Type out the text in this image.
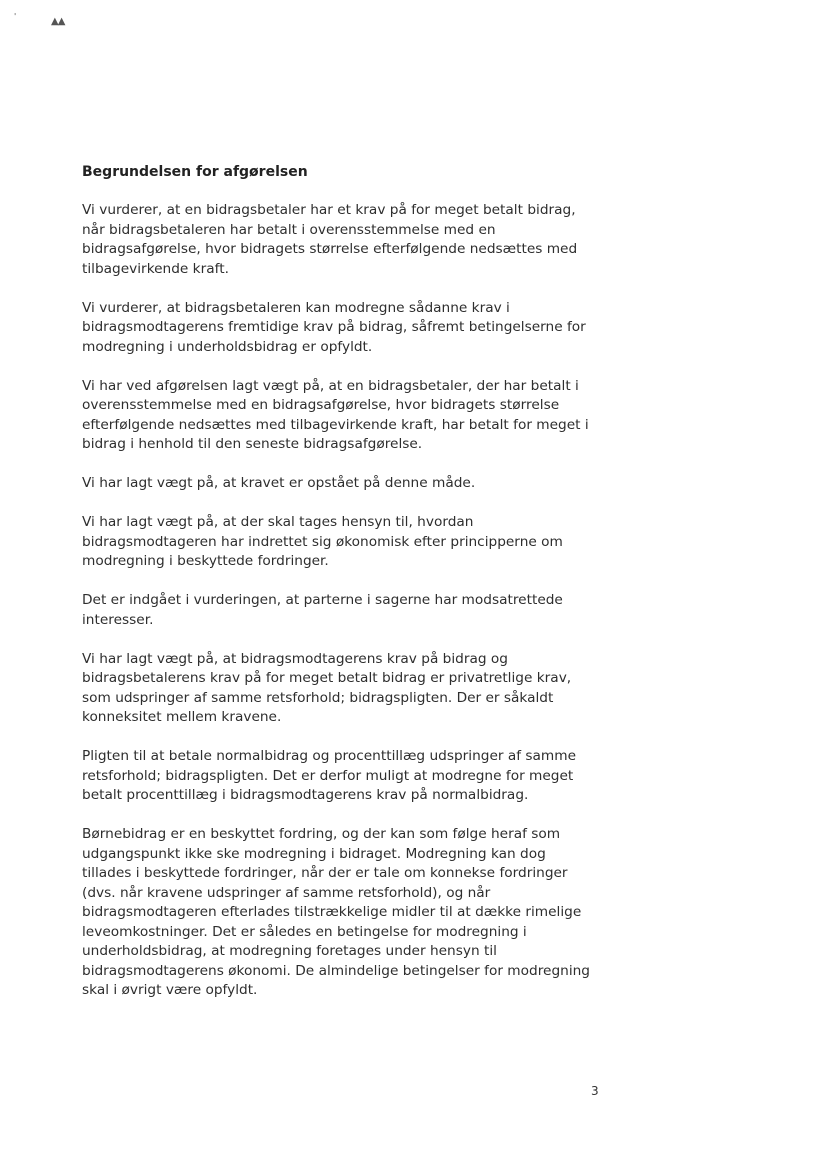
'	▲▲
Begrundelsen for afgørelsen
Vi vurderer, at en bidragsbetaler har et krav på for meget betalt bidrag,
når bidragsbetaleren har betalt i overensstemmelse med en
bidragsafgørelse, hvor bidragets størrelse efterfølgende nedsættes med
tilbagevirkende kraft.
Vi vurderer, at bidragsbetaleren kan modregne sådanne krav i
bidragsmodtagerens fremtidige krav på bidrag, såfremt betingelserne for
modregning i underholdsbidrag er opfyldt.
Vi har ved afgørelsen lagt vægt på, at en bidragsbetaler, der har betalt i
overensstemmelse med en bidragsafgørelse, hvor bidragets størrelse
efterfølgende nedsættes med tilbagevirkende kraft, har betalt for meget i
bidrag i henhold til den seneste bidragsafgørelse.
Vi har lagt vægt på, at kravet er opstået på denne måde.
Vi har lagt vægt på, at der skal tages hensyn til, hvordan
bidragsmodtageren har indrettet sig økonomisk efter principperne om
modregning i beskyttede fordringer.
Det er indgået i vurderingen, at parterne i sagerne har modsatrettede
interesser.
Vi har lagt vægt på, at bidragsmodtagerens krav på bidrag og
bidragsbetalerens krav på for meget betalt bidrag er privatretlige krav,
som udspringer af samme retsforhold; bidragspligten. Der er såkaldt
konneksitet mellem kravene.
Pligten til at betale normalbidrag og procenttillæg udspringer af samme
retsforhold; bidragspligten. Det er derfor muligt at modregne for meget
betalt procenttillæg i bidragsmodtagerens krav på normalbidrag.
Børnebidrag er en beskyttet fordring, og der kan som følge heraf som
udgangspunkt ikke ske modregning i bidraget. Modregning kan dog
tillades i beskyttede fordringer, når der er tale om konnekse fordringer
(dvs. når kravene udspringer af samme retsforhold), og når
bidragsmodtageren efterlades tilstrækkelige midler til at dække rimelige
leveomkostninger. Det er således en betingelse for modregning i
underholdsbidrag, at modregning foretages under hensyn til
bidragsmodtagerens økonomi. De almindelige betingelser for modregning
skal i øvrigt være opfyldt.
3
